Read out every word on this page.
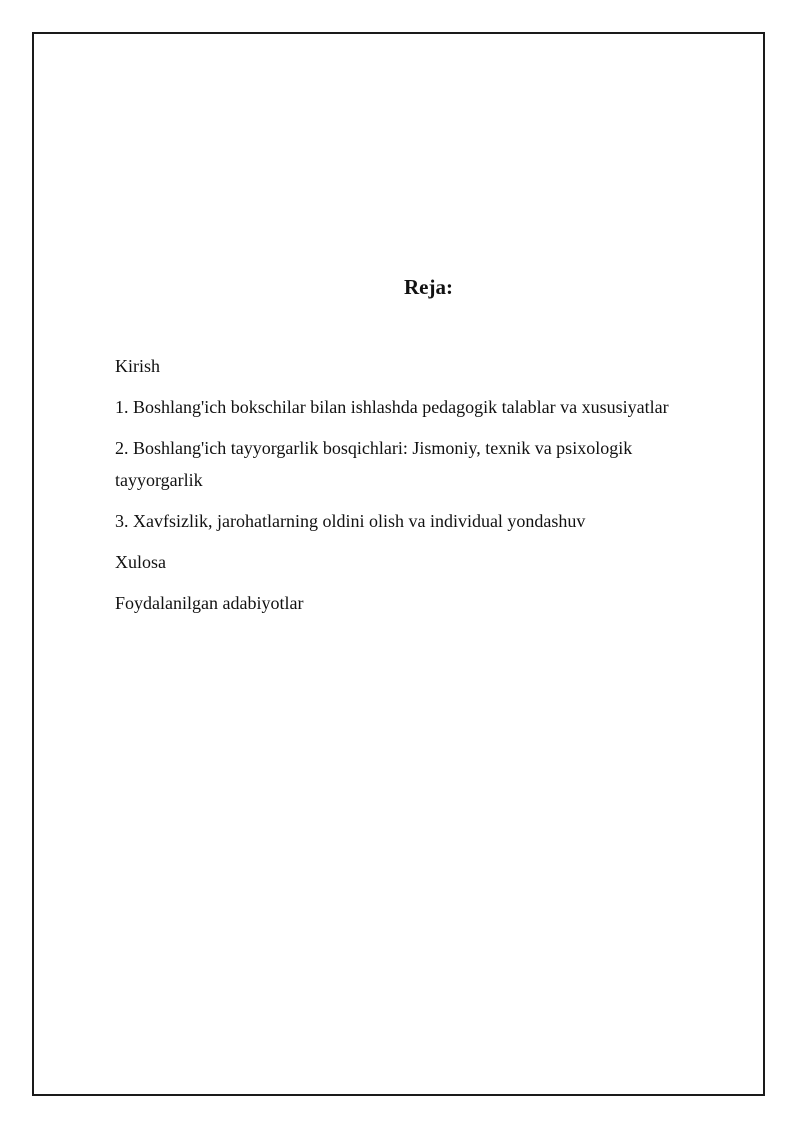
Reja:
Kirish
1. Boshlang'ich bokschilar bilan ishlashda pedagogik talablar va xususiyatlar
2. Boshlang'ich tayyorgarlik bosqichlari: Jismoniy, texnik va psixologik tayyorgarlik
3. Xavfsizlik, jarohatlarning oldini olish va individual yondashuv
Xulosa
Foydalanilgan adabiyotlar
